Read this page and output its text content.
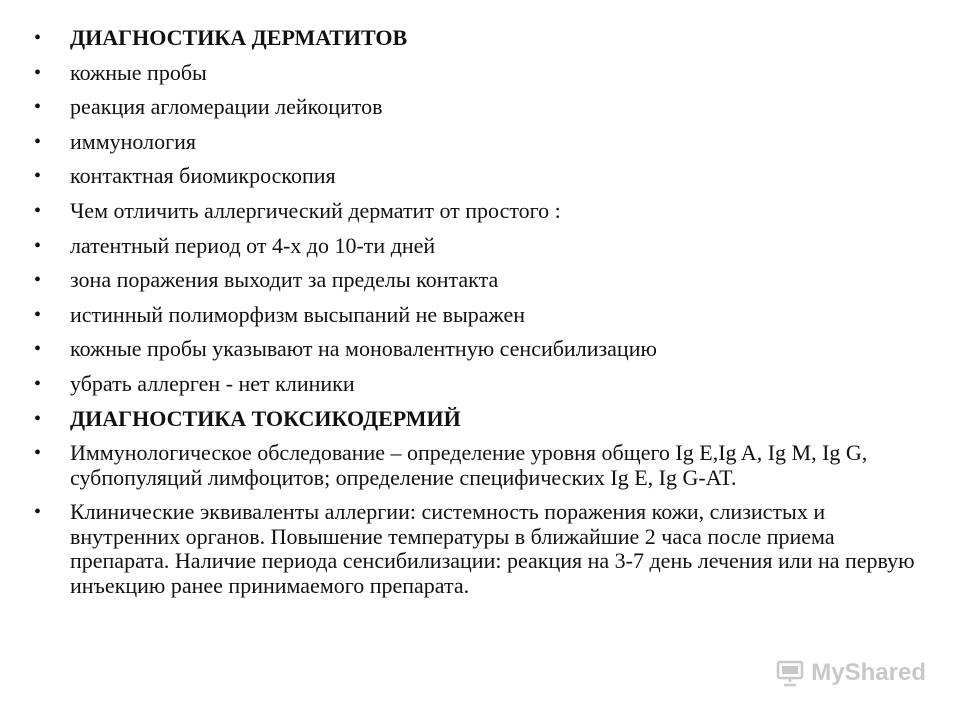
• ДИАГНОСТИКА ДЕРМАТИТОВ
• кожные пробы
• реакция агломерации лейкоцитов
• иммунология
• контактная биомикроскопия
• Чем отличить аллергический дерматит от простого :
• латентный период от 4-х до 10-ти дней
• зона поражения выходит за пределы контакта
• истинный полиморфизм высыпаний не выражен
• кожные пробы указывают на моновалентную сенсибилизацию
• убрать аллерген - нет клиники
• ДИАГНОСТИКА ТОКСИКОДЕРМИЙ
• Иммунологическое обследование – определение уровня общего Ig E,Ig A, Ig M, Ig G, субпопуляций лимфоцитов; определение специфических Ig E, Ig G-AT.
• Клинические эквиваленты аллергии: системность поражения кожи, слизистых и внутренних органов. Повышение температуры в ближайшие 2 часа после приема препарата. Наличие периода сенсибилизации: реакция на 3-7 день лечения или на первую инъекцию ранее принимаемого препарата.
MyShared
